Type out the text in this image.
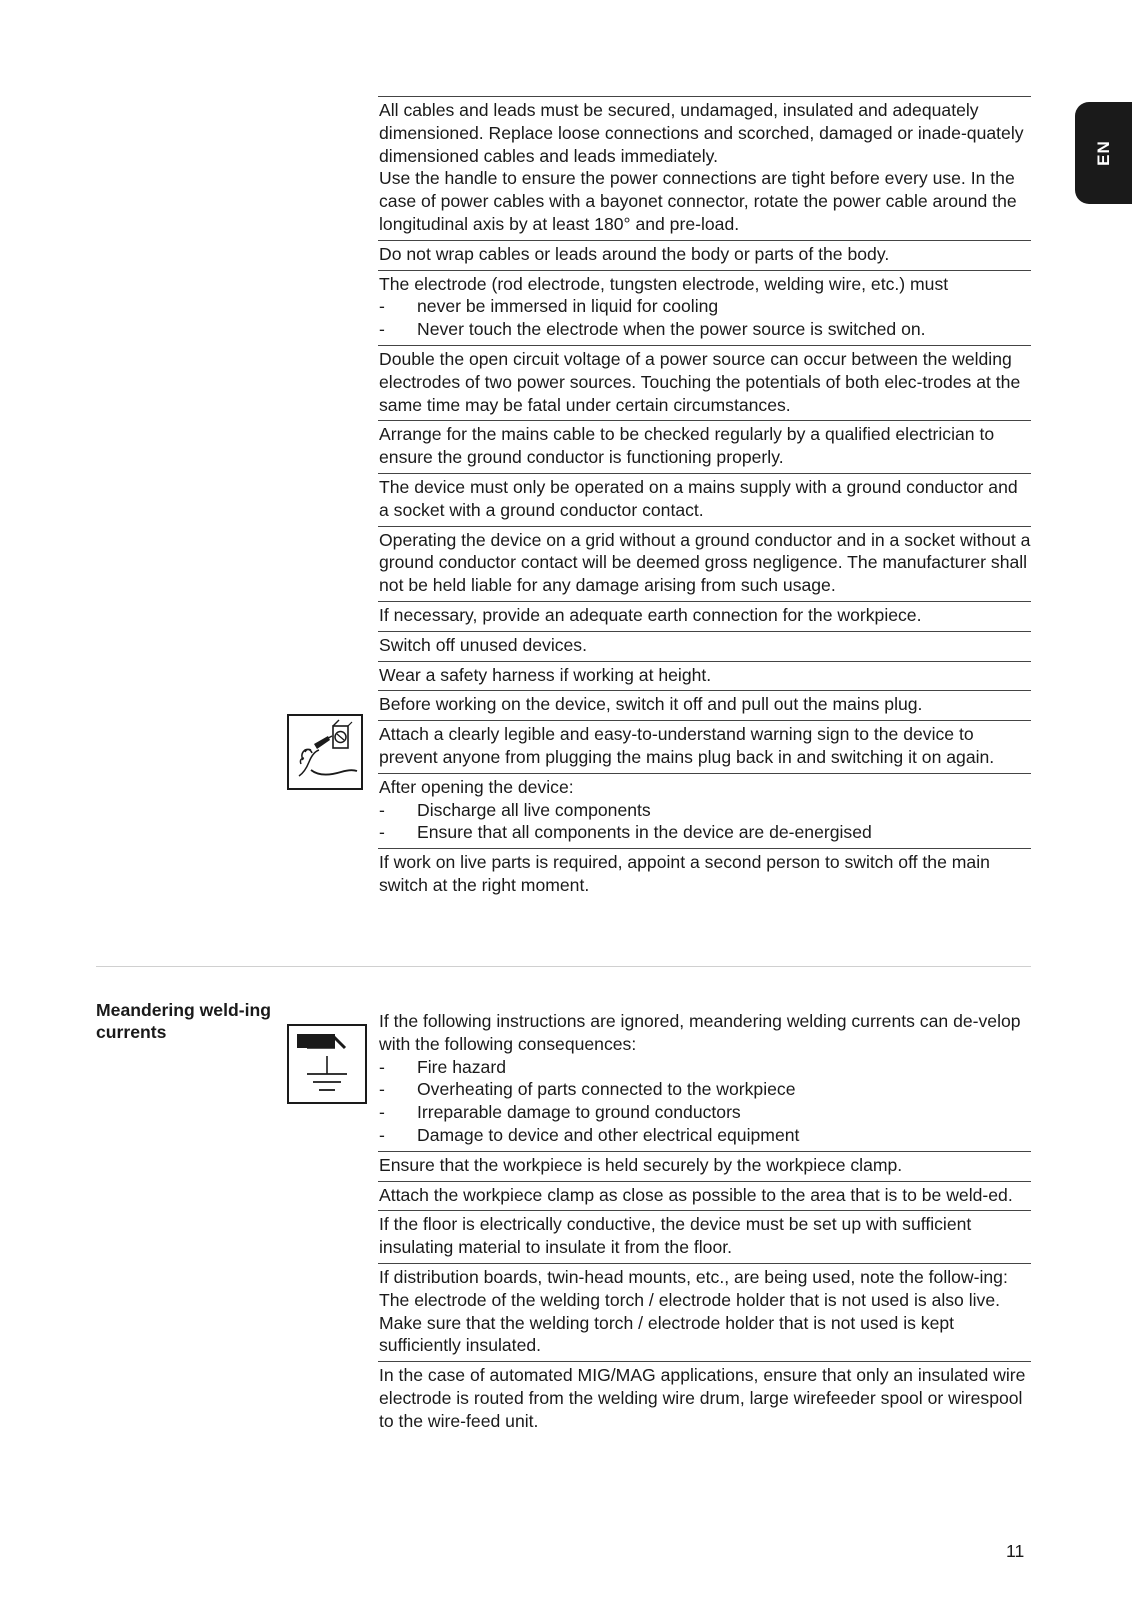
EN

All cables and leads must be secured, undamaged, insulated and adequately dimensioned. Replace loose connections and scorched, damaged or inade-quately dimensioned cables and leads immediately.

Use the handle to ensure the power connections are tight before every use. In the case of power cables with a bayonet connector, rotate the power cable around the longitudinal axis by at least 180° and pre-load.

Do not wrap cables or leads around the body or parts of the body.

The electrode (rod electrode, tungsten electrode, welding wire, etc.) must

-	never be immersed in liquid for cooling
-	Never touch the electrode when the power source is switched on.

Double the open circuit voltage of a power source can occur between the welding electrodes of two power sources. Touching the potentials of both elec-trodes at the same time may be fatal under certain circumstances.

Arrange for the mains cable to be checked regularly by a qualified electrician to ensure the ground conductor is functioning properly.

The device must only be operated on a mains supply with a ground conductor and a socket with a ground conductor contact.

Operating the device on a grid without a ground conductor and in a socket without a ground conductor contact will be deemed gross negligence. The manufacturer shall not be held liable for any damage arising from such usage.

If necessary, provide an adequate earth connection for the workpiece.

Switch off unused devices.

Wear a safety harness if working at height.

Before working on the device, switch it off and pull out the mains plug.

Attach a clearly legible and easy-to-understand warning sign to the device to prevent anyone from plugging the mains plug back in and switching it on again.

After opening the device:

-	Discharge all live components
-	Ensure that all components in the device are de-energised

If work on live parts is required, appoint a second person to switch off the main switch at the right moment.

Meandering weld-ing currents

If the following instructions are ignored, meandering welding currents can de-velop with the following consequences:

-	Fire hazard
-	Overheating of parts connected to the workpiece
-	Irreparable damage to ground conductors
-	Damage to device and other electrical equipment

Ensure that the workpiece is held securely by the workpiece clamp.

Attach the workpiece clamp as close as possible to the area that is to be weld-ed.

If the floor is electrically conductive, the device must be set up with sufficient insulating material to insulate it from the floor.

If distribution boards, twin-head mounts, etc., are being used, note the follow-ing: The electrode of the welding torch / electrode holder that is not used is also live. Make sure that the welding torch / electrode holder that is not used is kept sufficiently insulated.

In the case of automated MIG/MAG applications, ensure that only an insulated wire electrode is routed from the welding wire drum, large wirefeeder spool or wirespool to the wire-feed unit.

11
